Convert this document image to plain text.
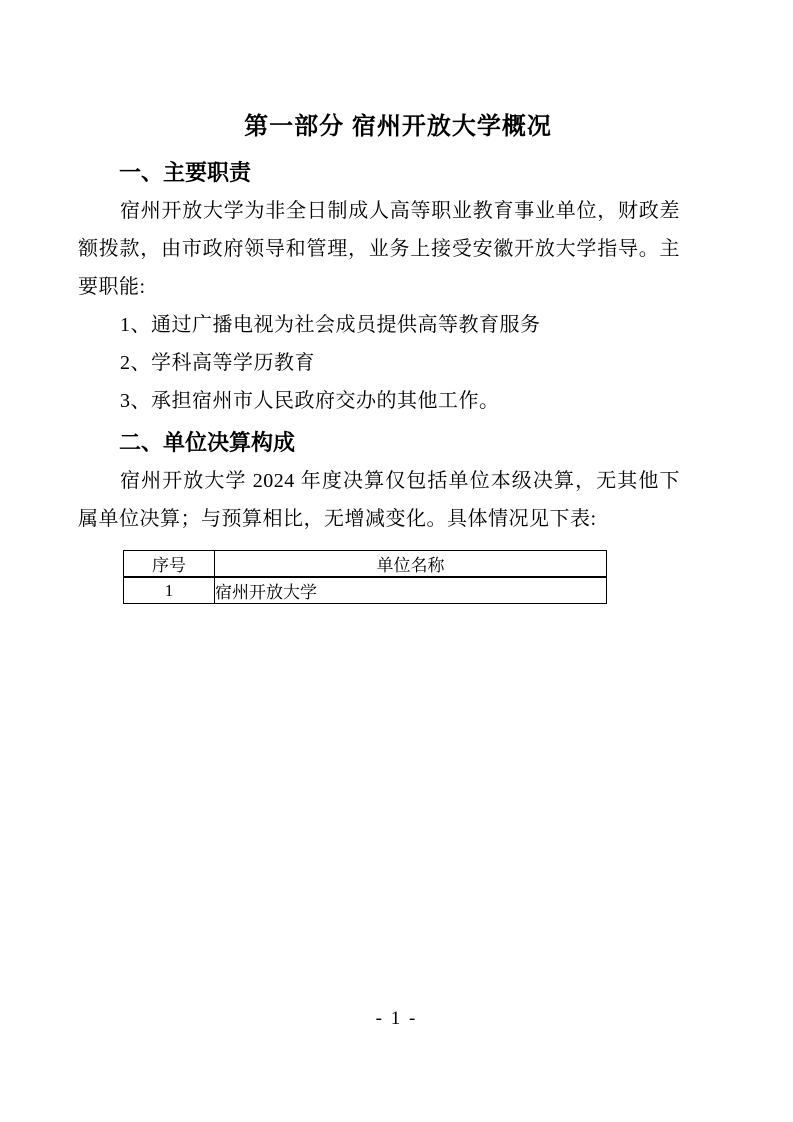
第一部分 宿州开放大学概况
一、主要职责

宿州开放大学为非全日制成人高等职业教育事业单位，财政差额拨款，由市政府领导和管理，业务上接受安徽开放大学指导。主要职能:

1、通过广播电视为社会成员提供高等教育服务

2、学科高等学历教育

3、承担宿州市人民政府交办的其他工作。

二、单位决算构成

宿州开放大学 2024 年度决算仅包括单位本级决算，无其他下属单位决算；与预算相比，无增减变化。具体情况见下表:

序号	单位名称
1	宿州开放大学
- 1 -
